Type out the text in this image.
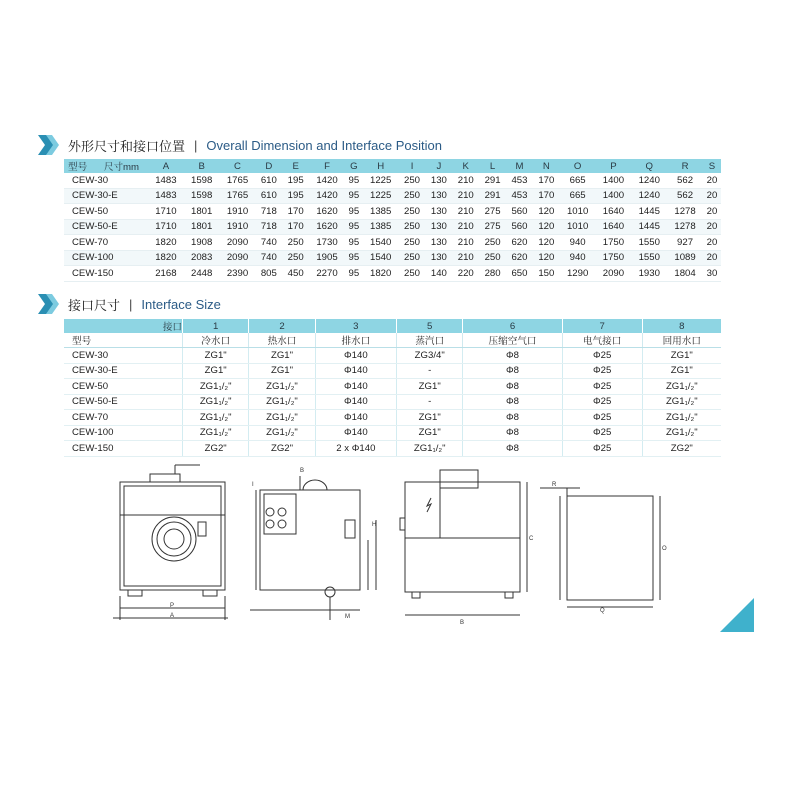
外形尺寸和接口位置 | Overall Dimension and Interface Position
型号 尺寸mm	A	B	C	D	E	F	G	H	I	J	K	L	M	N	O	P	Q	R	S
CEW-30	1483	1598	1765	610	195	1420	95	1225	250	130	210	291	453	170	665	1400	1240	562	20
CEW-30-E	1483	1598	1765	610	195	1420	95	1225	250	130	210	291	453	170	665	1400	1240	562	20
CEW-50	1710	1801	1910	718	170	1620	95	1385	250	130	210	275	560	120	1010	1640	1445	1278	20
CEW-50-E	1710	1801	1910	718	170	1620	95	1385	250	130	210	275	560	120	1010	1640	1445	1278	20
CEW-70	1820	1908	2090	740	250	1730	95	1540	250	130	210	250	620	120	940	1750	1550	927	20
CEW-100	1820	2083	2090	740	250	1905	95	1540	250	130	210	250	620	120	940	1750	1550	1089	20
CEW-150	2168	2448	2390	805	450	2270	95	1820	250	140	220	280	650	150	1290	2090	1930	1804	30
接口尺寸 | Interface Size
接口	1	2	3	5	6	7	8
型号	冷水口	热水口	排水口	蒸汽口	压缩空气口	电气接口	回用水口
CEW-30	ZG1"	ZG1"	Φ140	ZG3/4"	Φ8	Φ25	ZG1"
CEW-30-E	ZG1"	ZG1"	Φ140	-	Φ8	Φ25	ZG1"
CEW-50	ZG1₁/₂"	ZG1₁/₂"	Φ140	ZG1"	Φ8	Φ25	ZG1₁/₂"
CEW-50-E	ZG1₁/₂"	ZG1₁/₂"	Φ140	-	Φ8	Φ25	ZG1₁/₂"
CEW-70	ZG1₁/₂"	ZG1₁/₂"	Φ140	ZG1"	Φ8	Φ25	ZG1₁/₂"
CEW-100	ZG1₁/₂"	ZG1₁/₂"	Φ140	ZG1"	Φ8	Φ25	ZG1₁/₂"
CEW-150	ZG2"	ZG2"	2 x Φ140	ZG1₁/₂"	Φ8	Φ25	ZG2"
P
A
B
I
H
M
B
C
R
Q
O
